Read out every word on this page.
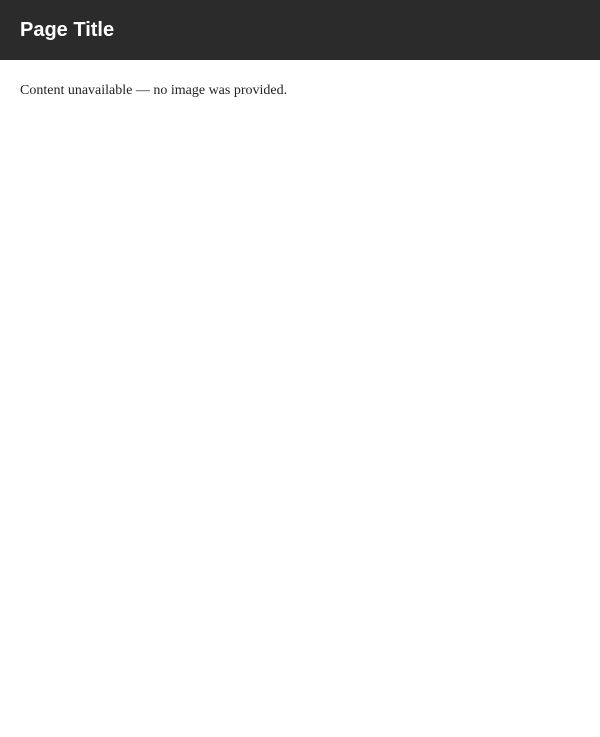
Page Title
Content unavailable — no image was provided.
